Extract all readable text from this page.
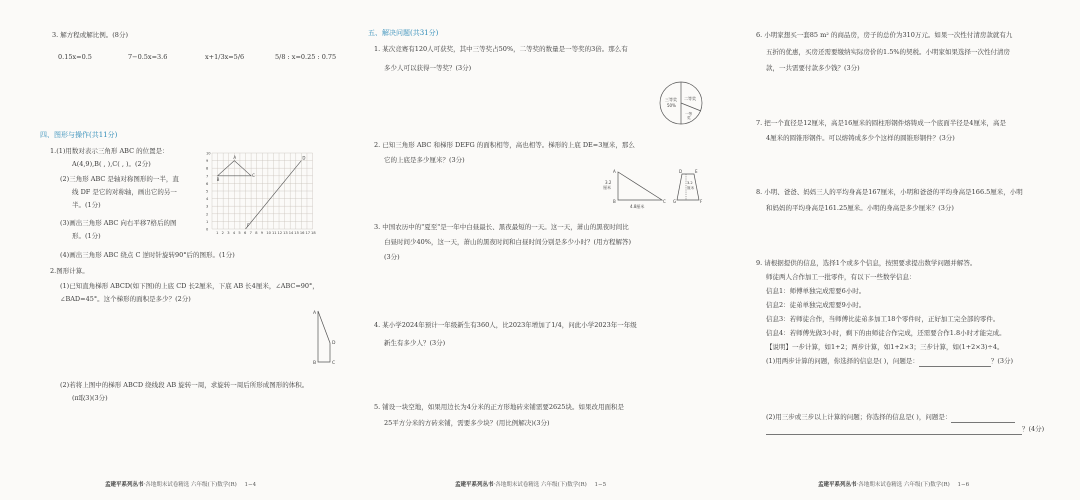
3. 解方程或解比例。(8分)
0.15x=0.5	7−0.5x=3.6	x+1/3x=5/6	5/8 : x=0.25 : 0.75
四、图形与操作(共11分)
1.(1)用数对表示三角形 ABC 的位置是：
A(4,9),B( , ),C( , )。(2分)
(2)三角形 ABC 是轴对称图形的一半，直
线 DF 是它的对称轴，画出它的另一
半。(1分)
(3)画出三角形 ABC 向右平移7格后的图
形。(1分)
(4)画出三角形 ABC 绕点 C 逆时针旋转90°后的图形。(1分)
10
9
8
7
6
5
4
3
2
1
0
1 2 3 4 5 6 7 8 9 10 11 12 13 14 15 16 17 18
A
B
C
D
F
2.图形计算。
(1)已知直角梯形 ABCD(如下图)的上底 CD 长2厘米，下底 AB 长4厘米，∠ABC=90°，
∠BAD=45°。这个梯形的面积是多少？(2分)
A
B	C
D
(2)若将上图中的梯形 ABCD 绕线段 AB 旋转一周，求旋转一周后所形成图形的体积。
(π取3)(3分)
孟建平系列丛书·各地期末试卷精选 六年级(下)数学(R) 1−4
五、解决问题(共31分)
1. 某次竞赛有120人可获奖，其中三等奖占50%，二等奖的数量是一等奖的3倍。那么有
多少人可以获得一等奖？(3分)
三等奖
50%
二等奖
一等
奖
2. 已知三角形 ABC 和梯形 DEFG 的面积相等，高也相等。梯形的上底 DE=3厘米，那么
它的上底是多少厘米？(3分)
A
B	C
3.2
厘米
4.8厘米
D	E
F
G
3.2
厘米
3. 中国农历中的"夏至"是一年中白昼最长、黑夜最短的一天。这一天，萧山的黑夜时间比
白昼时间少40%，这一天，萧山的黑夜时间和白昼时间分别是多少小时？(用方程解答)
(3分)
4. 某小学2024年预计一年级新生有360人，比2023年增加了1/4，问此小学2023年一年级
新生有多少人？(3分)
5. 铺设一块空地，如果用边长为4分米的正方形地砖来铺需要2625块。如果改用面积是
25平方分米的方砖来铺，需要多少块？(用比例解决)(3分)
孟建平系列丛书·各地期末试卷精选 六年级(下)数学(R) 1−5
6. 小明家想买一套85 m² 的商品房，房子的总价为310万元。如果一次性付清房款就有九
五折的优惠，买房还需要缴纳实际房价的1.5%的契税。小明家如果选择一次性付清房
款，一共需要付款多少钱？(3分)
7. 把一个直径是12厘米，高是16厘米的圆柱形钢件熔铸成一个底面半径是4厘米，高是
4厘米的圆锥形钢件。可以熔铸成多少个这样的圆锥形钢件？(3分)
8. 小明、爸爸、妈妈三人的平均身高是167厘米，小明和爸爸的平均身高是166.5厘米，小明
和妈妈的平均身高是161.25厘米。小明的身高是多少厘米？(3分)
9. 请根据提供的信息，选择1个或多个信息，按照要求提出数学问题并解答。
师徒两人合作加工一批零件，有以下一些数学信息：
信息1：师傅单独完成需要6小时。
信息2：徒弟单独完成需要9小时。
信息3：若师徒合作，当师傅比徒弟多加工18个零件时，正好加工完全部的零件。
信息4：若师傅先做3小时，剩下的由师徒合作完成，还需要合作1.8小时才能完成。
【说明】一步计算，如1+2；两步计算，如1+2×3；三步计算，如(1+2×3)÷4。
(1)用两步计算的问题，你选择的信息是( )，问题是：	？(3分)
(2)用三步或三步以上计算的问题；你选择的信息是( )，问题是：
？(4分)
孟建平系列丛书·各地期末试卷精选 六年级(下)数学(R) 1−6
